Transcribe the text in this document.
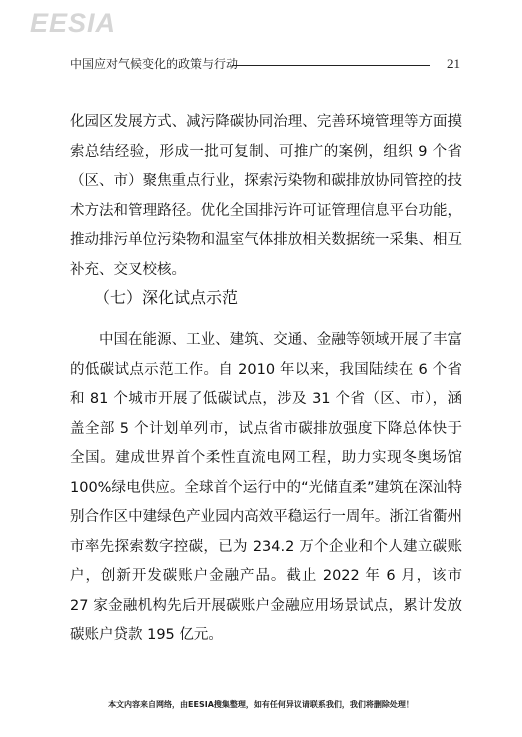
EESIA
中国应对气候变化的政策与行动	21

化园区发展方式、减污降碳协同治理、完善环境管理等方面摸索总结经验，形成一批可复制、可推广的案例，组织 9 个省（区、市）聚焦重点行业，探索污染物和碳排放协同管控的技术方法和管理路径。优化全国排污许可证管理信息平台功能，推动排污单位污染物和温室气体排放相关数据统一采集、相互补充、交叉校核。

（七）深化试点示范

中国在能源、工业、建筑、交通、金融等领域开展了丰富的低碳试点示范工作。自 2010 年以来，我国陆续在 6 个省和 81 个城市开展了低碳试点，涉及 31 个省（区、市），涵盖全部 5 个计划单列市，试点省市碳排放强度下降总体快于全国。建成世界首个柔性直流电网工程，助力实现冬奥场馆 100%绿电供应。全球首个运行中的“光储直柔”建筑在深汕特别合作区中建绿色产业园内高效平稳运行一周年。浙江省衢州市率先探索数字控碳，已为 234.2 万个企业和个人建立碳账户，创新开发碳账户金融产品。截止 2022 年 6 月，该市 27 家金融机构先后开展碳账户金融应用场景试点，累计发放碳账户贷款 195 亿元。

本文内容来自网络，由EESIA搜集整理，如有任何异议请联系我们，我们将删除处理！
